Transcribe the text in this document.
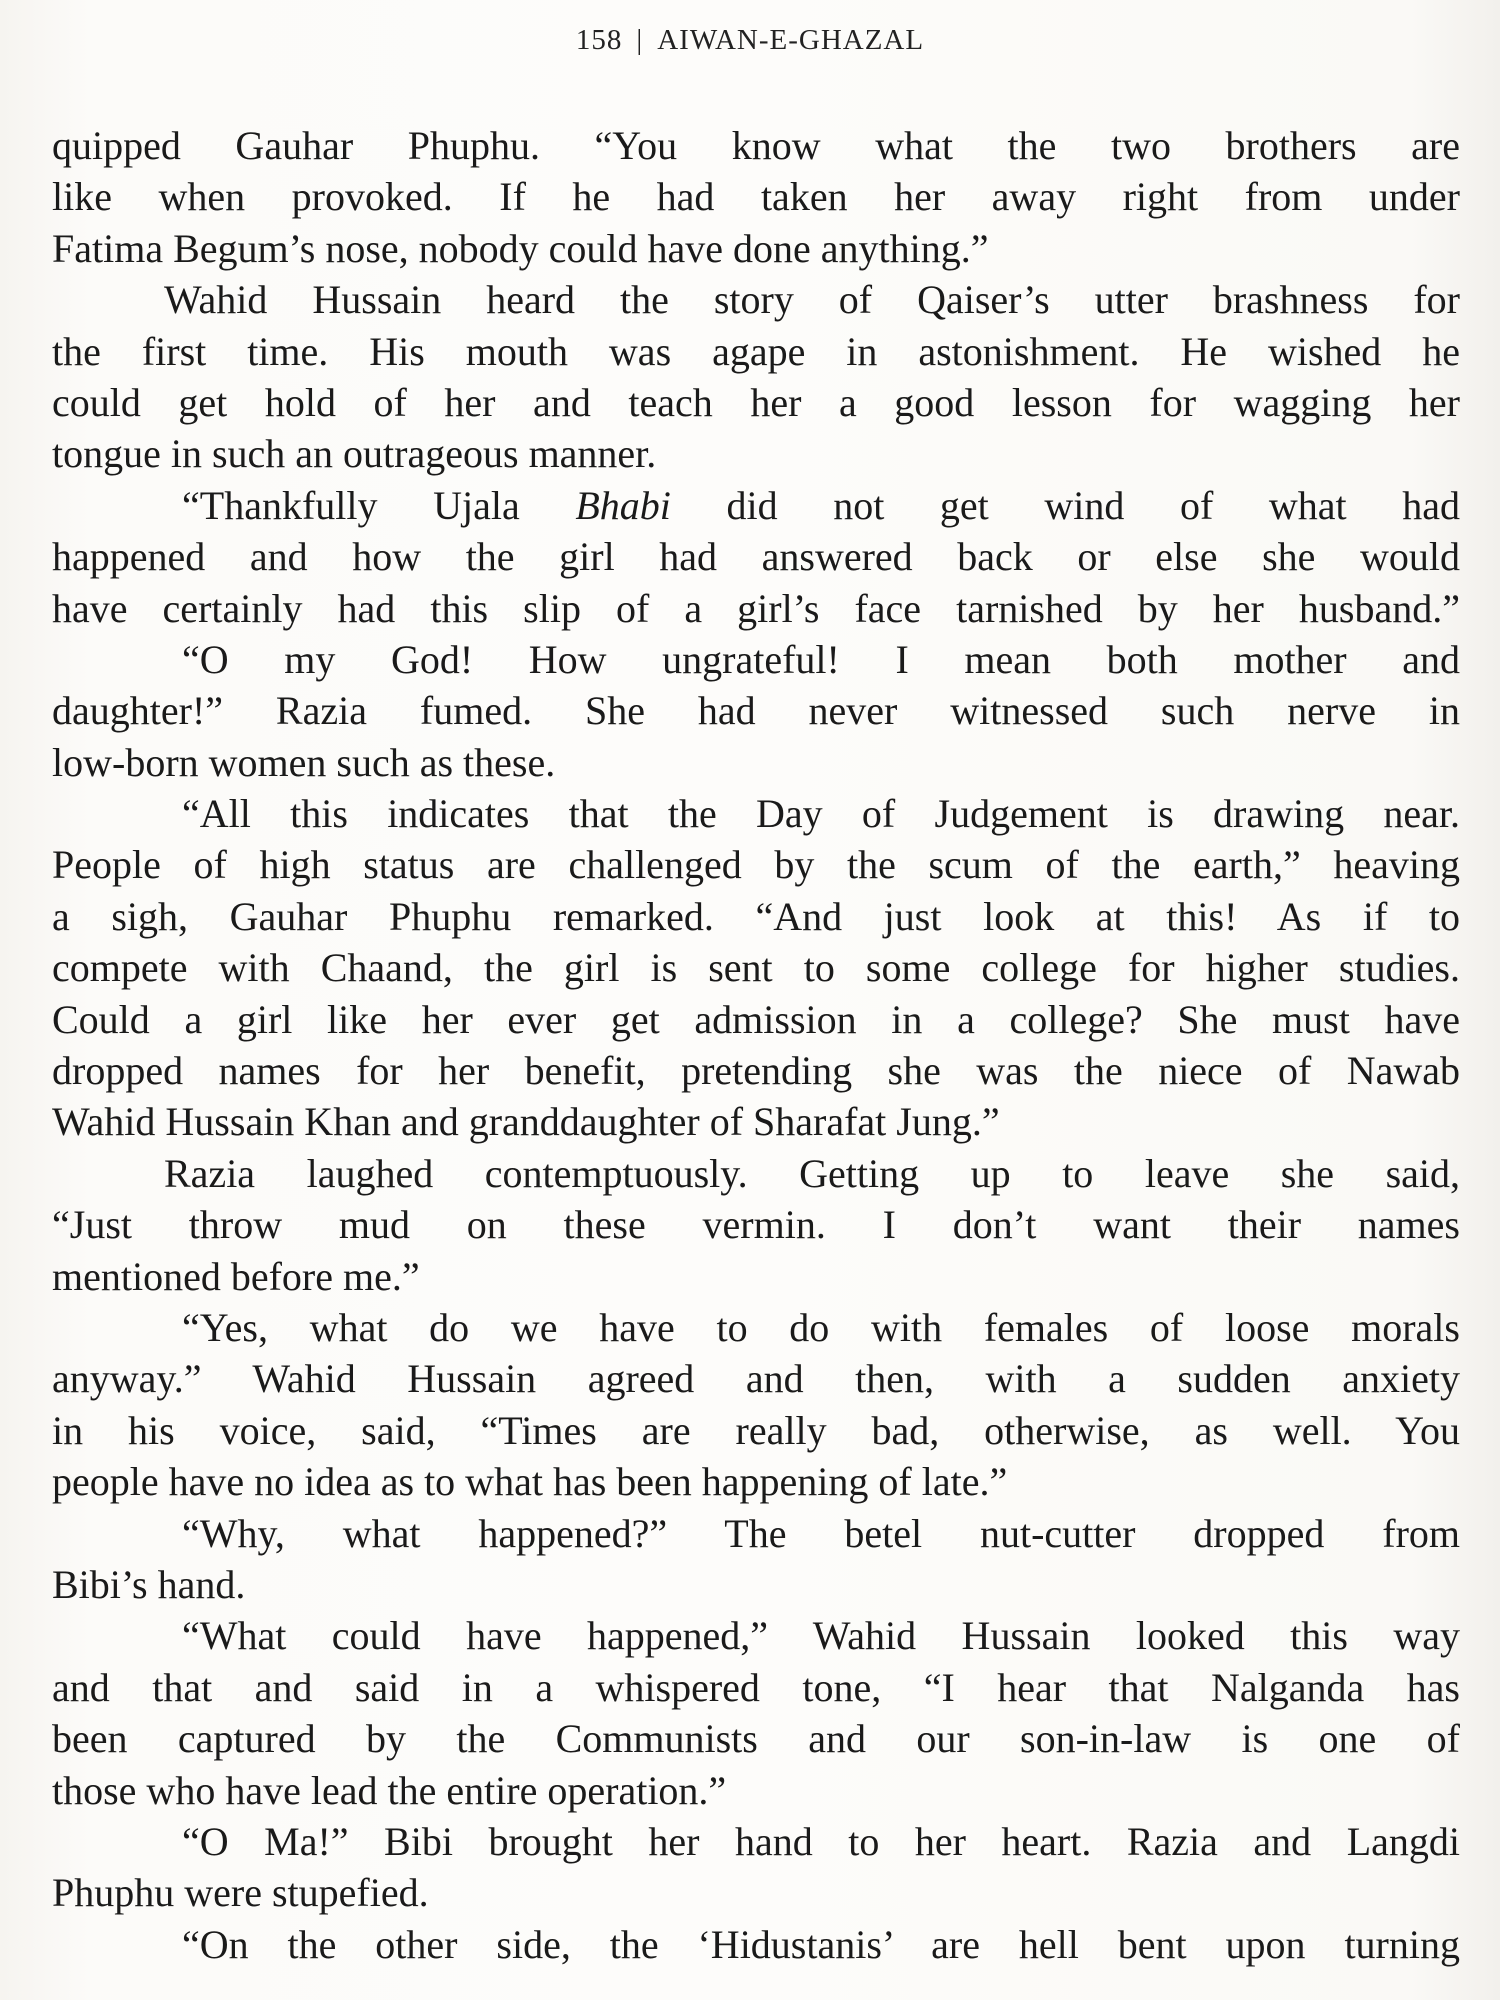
158 | AIWAN-E-GHAZAL
quipped Gauhar Phuphu. “You know what the two brothers are
like when provoked. If he had taken her away right from under
Fatima Begum’s nose, nobody could have done anything.”
Wahid Hussain heard the story of Qaiser’s utter brashness for
the first time. His mouth was agape in astonishment. He wished he
could get hold of her and teach her a good lesson for wagging her
tongue in such an outrageous manner.
“Thankfully Ujala Bhabi did not get wind of what had
happened and how the girl had answered back or else she would
have certainly had this slip of a girl’s face tarnished by her husband.”
“O my God! How ungrateful! I mean both mother and
daughter!” Razia fumed. She had never witnessed such nerve in
low-born women such as these.
“All this indicates that the Day of Judgement is drawing near.
People of high status are challenged by the scum of the earth,” heaving
a sigh, Gauhar Phuphu remarked. “And just look at this! As if to
compete with Chaand, the girl is sent to some college for higher studies.
Could a girl like her ever get admission in a college? She must have
dropped names for her benefit, pretending she was the niece of Nawab
Wahid Hussain Khan and granddaughter of Sharafat Jung.”
Razia laughed contemptuously. Getting up to leave she said,
“Just throw mud on these vermin. I don’t want their names
mentioned before me.”
“Yes, what do we have to do with females of loose morals
anyway.” Wahid Hussain agreed and then, with a sudden anxiety
in his voice, said, “Times are really bad, otherwise, as well. You
people have no idea as to what has been happening of late.”
“Why, what happened?” The betel nut-cutter dropped from
Bibi’s hand.
“What could have happened,” Wahid Hussain looked this way
and that and said in a whispered tone, “I hear that Nalganda has
been captured by the Communists and our son-in-law is one of
those who have lead the entire operation.”
“O Ma!” Bibi brought her hand to her heart. Razia and Langdi
Phuphu were stupefied.
“On the other side, the ‘Hidustanis’ are hell bent upon turning
